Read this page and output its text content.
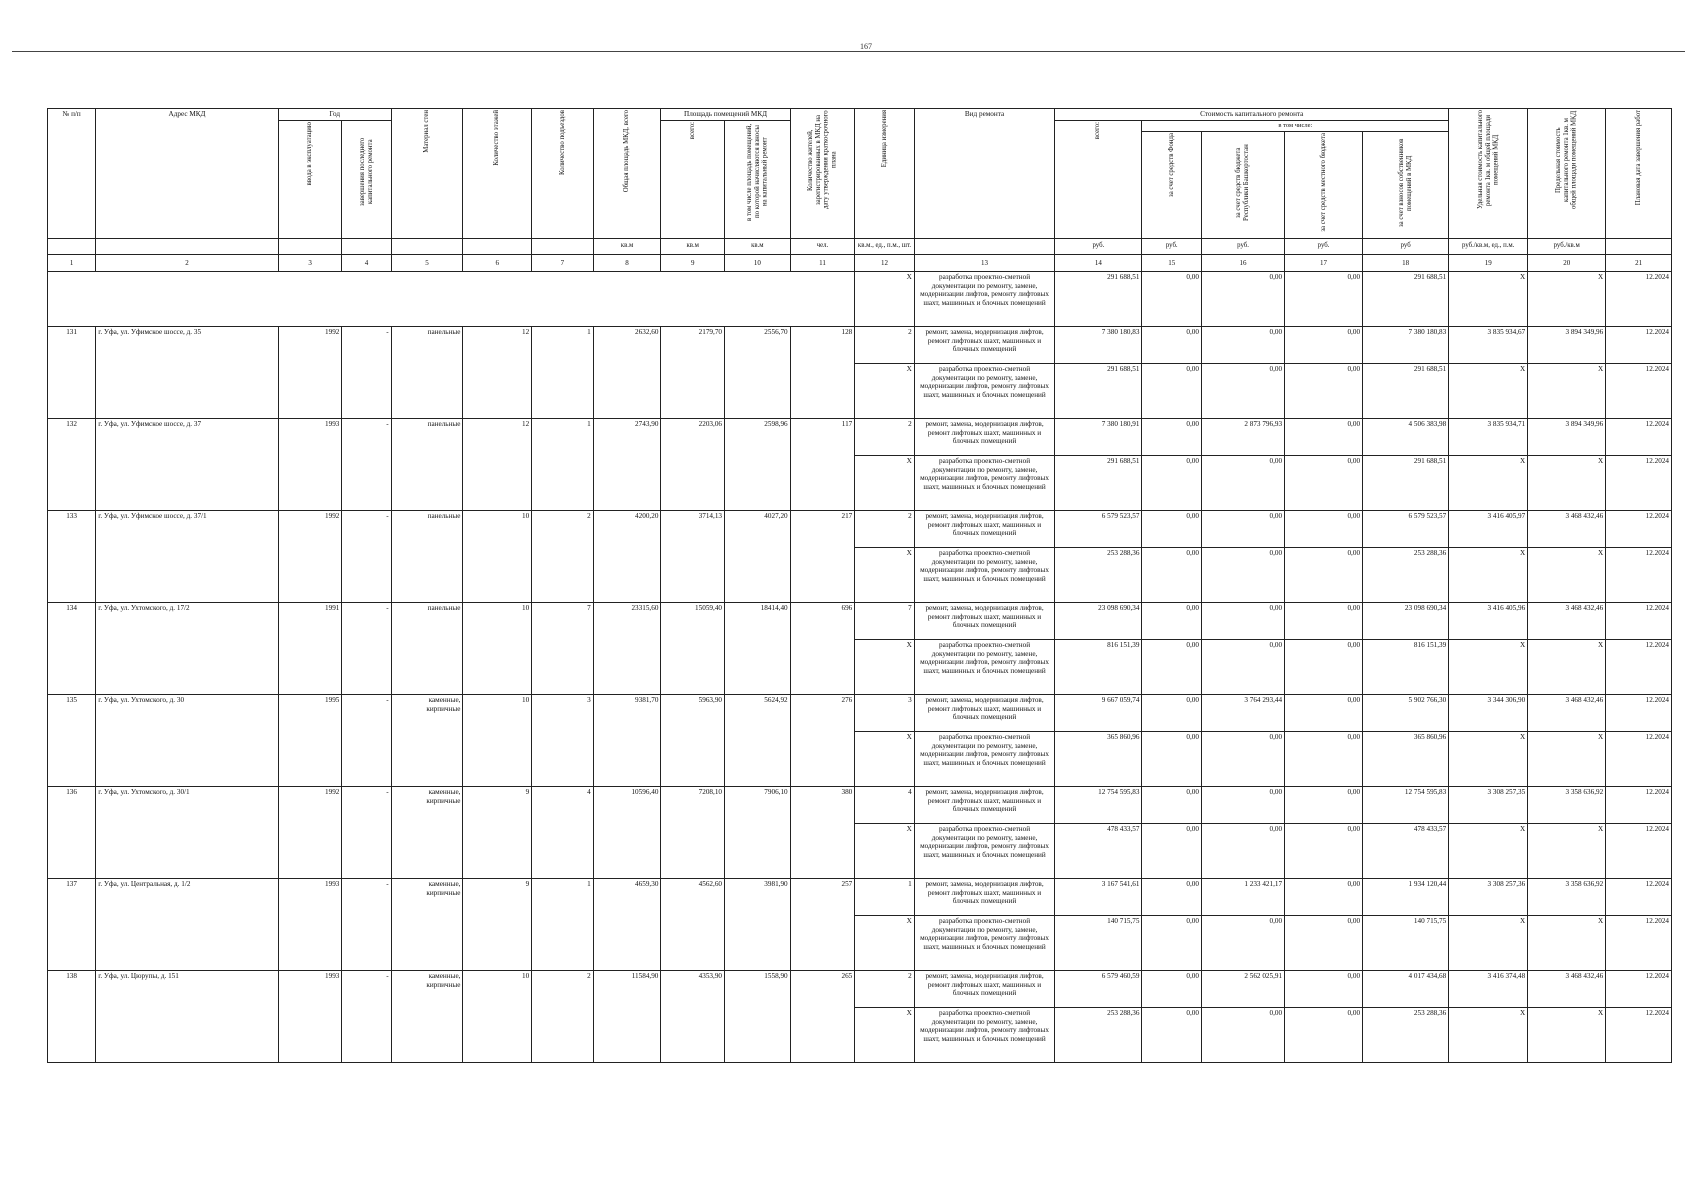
167
№ п/п	Адрес МКД	Год		Материал стен	Количество этажей	Количество подъездов	Общая площадь МКД, всего	Площадь помещений МКД		Количество жителей, зарегистрированных в МКД на дату утверждения краткосрочного плана	Единица измерения	Вид ремонта	Стоимость капитального ремонта					Удельная стоимость капитального ремонта 1кв. м общей площади помещений МКД	Предельная стоимость капитального ремонта 1кв. м общей площади помещений МКД	Плановая дата завершения работ
		ввода в эксплуатацию	завершения последнего капитального ремонта					всего:	в том числе площадь помещений, по которой начисляются взносы на капитальный ремонт				всего:	в том числе:						
														за счет средств Фонда	за счет средств бюджета Республики Башкортостан	за счет средств местного бюджета	за счет взносов собственников помещений в МКД			
							кв.м	кв.м	кв.м	чел.	кв.м., ед., п.м., шт.		руб.	руб.	руб.	руб.	руб	руб./кв.м, ед., п.м.	руб./кв.м	
1	2	3	4	5	6	7	8	9	10	11	12	13	14	15	16	17	18	19	20	21
											X	разработка проектно-сметной документации по ремонту, замене, модернизации лифтов, ремонту лифтовых шахт, машинных и блочных помещений	291 688,51	0,00	0,00	0,00	291 688,51	X	X	12.2024
131	г. Уфа, ул. Уфимское шоссе, д. 35	1992	-	панельные	12	1	2632,60	2179,70	2556,70	128	2	ремонт, замена, модернизация лифтов, ремонт лифтовых шахт, машинных и блочных помещений	7 380 180,83	0,00	0,00	0,00	7 380 180,83	3 835 934,67	3 894 349,96	12.2024
											X	разработка проектно-сметной документации по ремонту, замене, модернизации лифтов, ремонту лифтовых шахт, машинных и блочных помещений	291 688,51	0,00	0,00	0,00	291 688,51	X	X	12.2024
132	г. Уфа, ул. Уфимское шоссе, д. 37	1993	-	панельные	12	1	2743,90	2203,06	2598,96	117	2	ремонт, замена, модернизация лифтов, ремонт лифтовых шахт, машинных и блочных помещений	7 380 180,91	0,00	2 873 796,93	0,00	4 506 383,98	3 835 934,71	3 894 349,96	12.2024
											X	разработка проектно-сметной документации по ремонту, замене, модернизации лифтов, ремонту лифтовых шахт, машинных и блочных помещений	291 688,51	0,00	0,00	0,00	291 688,51	X	X	12.2024
133	г. Уфа, ул. Уфимское шоссе, д. 37/1	1992	-	панельные	10	2	4200,20	3714,13	4027,20	217	2	ремонт, замена, модернизация лифтов, ремонт лифтовых шахт, машинных и блочных помещений	6 579 523,57	0,00	0,00	0,00	6 579 523,57	3 416 405,97	3 468 432,46	12.2024
											X	разработка проектно-сметной документации по ремонту, замене, модернизации лифтов, ремонту лифтовых шахт, машинных и блочных помещений	253 288,36	0,00	0,00	0,00	253 288,36	X	X	12.2024
134	г. Уфа, ул. Ухтомского, д. 17/2	1991	-	панельные	10	7	23315,60	15059,40	18414,40	696	7	ремонт, замена, модернизация лифтов, ремонт лифтовых шахт, машинных и блочных помещений	23 098 690,34	0,00	0,00	0,00	23 098 690,34	3 416 405,96	3 468 432,46	12.2024
											X	разработка проектно-сметной документации по ремонту, замене, модернизации лифтов, ремонту лифтовых шахт, машинных и блочных помещений	816 151,39	0,00	0,00	0,00	816 151,39	X	X	12.2024
135	г. Уфа, ул. Ухтомского, д. 30	1995	-	каменные, кирпичные	10	3	9381,70	5963,90	5624,92	276	3	ремонт, замена, модернизация лифтов, ремонт лифтовых шахт, машинных и блочных помещений	9 667 059,74	0,00	3 764 293,44	0,00	5 902 766,30	3 344 306,90	3 468 432,46	12.2024
											X	разработка проектно-сметной документации по ремонту, замене, модернизации лифтов, ремонту лифтовых шахт, машинных и блочных помещений	365 860,96	0,00	0,00	0,00	365 860,96	X	X	12.2024
136	г. Уфа, ул. Ухтомского, д. 30/1	1992	-	каменные, кирпичные	9	4	10596,40	7208,10	7906,10	380	4	ремонт, замена, модернизация лифтов, ремонт лифтовых шахт, машинных и блочных помещений	12 754 595,83	0,00	0,00	0,00	12 754 595,83	3 308 257,35	3 358 636,92	12.2024
											X	разработка проектно-сметной документации по ремонту, замене, модернизации лифтов, ремонту лифтовых шахт, машинных и блочных помещений	478 433,57	0,00	0,00	0,00	478 433,57	X	X	12.2024
137	г. Уфа, ул. Центральная, д. 1/2	1993	-	каменные, кирпичные	9	1	4659,30	4562,60	3981,90	257	1	ремонт, замена, модернизация лифтов, ремонт лифтовых шахт, машинных и блочных помещений	3 167 541,61	0,00	1 233 421,17	0,00	1 934 120,44	3 308 257,36	3 358 636,92	12.2024
											X	разработка проектно-сметной документации по ремонту, замене, модернизации лифтов, ремонту лифтовых шахт, машинных и блочных помещений	140 715,75	0,00	0,00	0,00	140 715,75	X	X	12.2024
138	г. Уфа, ул. Цюрупы, д. 151	1993	-	каменные, кирпичные	10	2	11584,90	4353,90	1558,90	265	2	ремонт, замена, модернизация лифтов, ремонт лифтовых шахт, машинных и блочных помещений	6 579 460,59	0,00	2 562 025,91	0,00	4 017 434,68	3 416 374,48	3 468 432,46	12.2024
											X	разработка проектно-сметной документации по ремонту, замене, модернизации лифтов, ремонту лифтовых шахт, машинных и блочных помещений	253 288,36	0,00	0,00	0,00	253 288,36	X	X	12.2024
